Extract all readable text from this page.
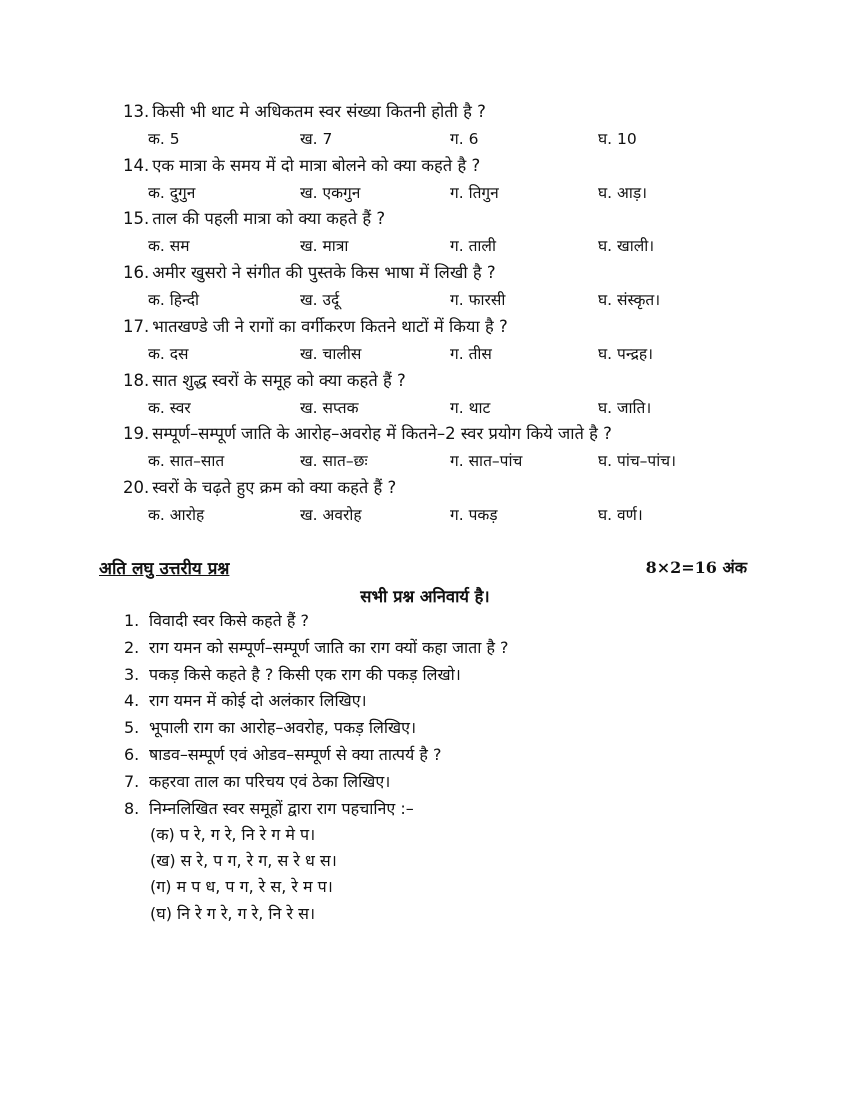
13. किसी भी थाट मे अधिकतम स्वर संख्या कितनी होती है ?
क. 5	ख. 7	ग. 6	घ. 10
14. एक मात्रा के समय में दो मात्रा बोलने को क्या कहते है ?
क. दुगुन	ख. एकगुन	ग. तिगुन	घ. आड़।
15. ताल की पहली मात्रा को क्या कहते हैं ?
क. सम	ख. मात्रा	ग. ताली	घ. खाली।
16. अमीर खुसरो ने संगीत की पुस्तके किस भाषा में लिखी है ?
क. हिन्दी	ख. उर्दू	ग. फारसी	घ. संस्कृत।
17. भातखण्डे जी ने रागों का वर्गीकरण कितने थाटों में किया है ?
क. दस	ख. चालीस	ग. तीस	घ. पन्द्रह।
18. सात शुद्ध स्वरों के समूह को क्या कहते हैं ?
क. स्वर	ख. सप्तक	ग. थाट	घ. जाति।
19. सम्पूर्ण–सम्पूर्ण जाति के आरोह–अवरोह में कितने–2 स्वर प्रयोग किये जाते है ?
क. सात–सात	ख. सात–छः	ग. सात–पांच	घ. पांच–पांच।
20. स्वरों के चढ़ते हुए क्रम को क्या कहते हैं ?
क. आरोह	ख. अवरोह	ग. पकड़	घ. वर्ण।
अति लघु उत्तरीय प्रश्न	8×2=16 अंक
सभी प्रश्न अनिवार्य है।
1. विवादी स्वर किसे कहते हैं ?
2. राग यमन को सम्पूर्ण–सम्पूर्ण जाति का राग क्यों कहा जाता है ?
3. पकड़ किसे कहते है ? किसी एक राग की पकड़ लिखो।
4. राग यमन में कोई दो अलंकार लिखिए।
5. भूपाली राग का आरोह–अवरोह, पकड़ लिखिए।
6. षाडव–सम्पूर्ण एवं ओडव–सम्पूर्ण से क्या तात्पर्य है ?
7. कहरवा ताल का परिचय एवं ठेका लिखिए।
8. निम्नलिखित स्वर समूहों द्वारा राग पहचानिए :–
(क) प रे, ग रे, नि रे ग मे प।
(ख) स रे, प ग, रे ग, स रे ध स।
(ग) म प ध, प ग, रे स, रे म प।
(घ) नि रे ग रे, ग रे, नि रे स।
